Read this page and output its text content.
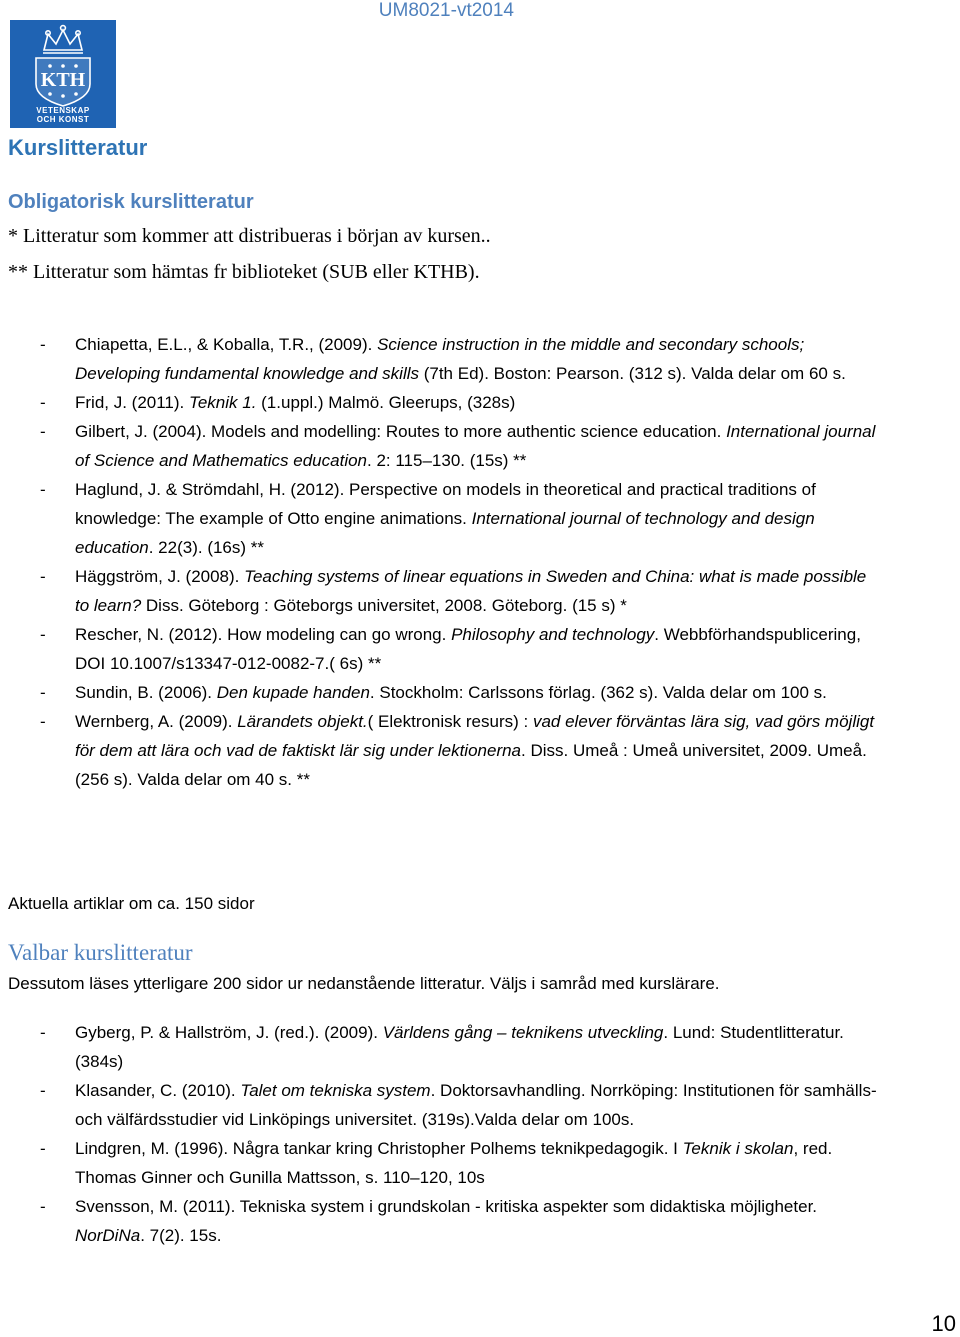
UM8021-vt2014
KTH
VETENSKAP
OCH KONST
Kurslitteratur
Obligatorisk kurslitteratur
* Litteratur som kommer att distribueras i början av kursen..
** Litteratur som hämtas fr biblioteket (SUB eller KTHB).
- Chiapetta, E.L., & Koballa, T.R., (2009). Science instruction in the middle and secondary schools; Developing fundamental knowledge and skills (7th Ed). Boston: Pearson. (312 s). Valda delar om 60 s.
- Frid, J. (2011). Teknik 1. (1.uppl.) Malmö. Gleerups, (328s)
- Gilbert, J. (2004). Models and modelling: Routes to more authentic science education. International journal of Science and Mathematics education. 2: 115–130. (15s) **
- Haglund, J. & Strömdahl, H. (2012). Perspective on models in theoretical and practical traditions of knowledge: The example of Otto engine animations. International journal of technology and design education. 22(3). (16s) **
- Häggström, J. (2008). Teaching systems of linear equations in Sweden and China: what is made possible to learn? Diss. Göteborg : Göteborgs universitet, 2008. Göteborg. (15 s) *
- Rescher, N. (2012). How modeling can go wrong. Philosophy and technology. Webbförhandspublicering, DOI 10.1007/s13347-012-0082-7.( 6s) **
- Sundin, B. (2006). Den kupade handen. Stockholm: Carlssons förlag. (362 s). Valda delar om 100 s.
- Wernberg, A. (2009). Lärandets objekt.( Elektronisk resurs) : vad elever förväntas lära sig, vad görs möjligt för dem att lära och vad de faktiskt lär sig under lektionerna. Diss. Umeå : Umeå universitet, 2009. Umeå. (256 s). Valda delar om 40 s. **
Aktuella artiklar om ca. 150 sidor
Valbar kurslitteratur
Dessutom läses ytterligare 200 sidor ur nedanstående litteratur. Väljs i samråd med kurslärare.
- Gyberg, P. & Hallström, J. (red.). (2009). Världens gång – teknikens utveckling. Lund: Studentlitteratur. (384s)
- Klasander, C. (2010). Talet om tekniska system. Doktorsavhandling. Norrköping: Institutionen för samhälls- och välfärdsstudier vid Linköpings universitet. (319s).Valda delar om 100s.
- Lindgren, M. (1996). Några tankar kring Christopher Polhems teknikpedagogik. I Teknik i skolan, red. Thomas Ginner och Gunilla Mattsson, s. 110–120, 10s
- Svensson, M. (2011). Tekniska system i grundskolan - kritiska aspekter som didaktiska möjligheter. NorDiNa. 7(2). 15s.
10
